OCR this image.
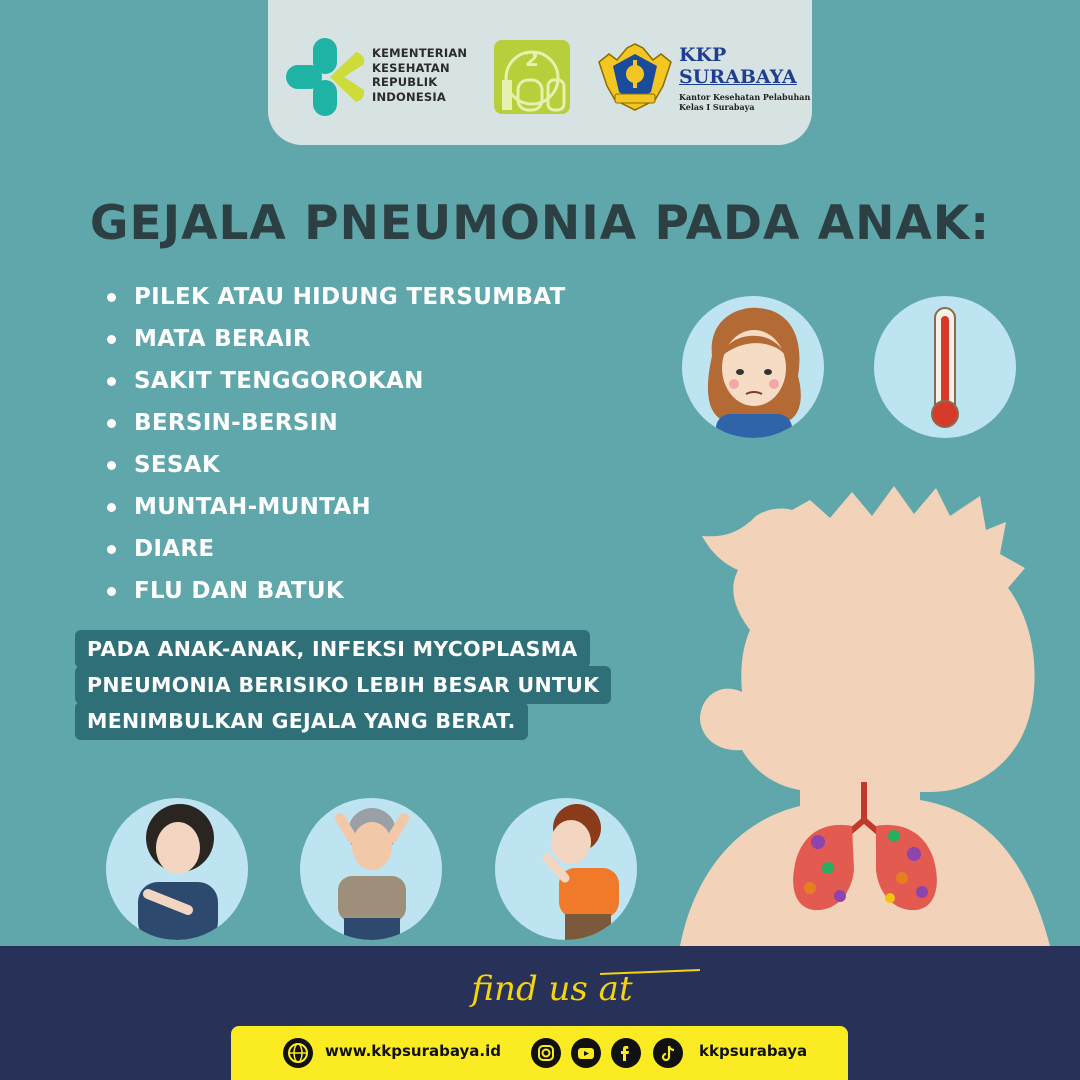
KEMENTERIAN
KESEHATAN
REPUBLIK
INDONESIA
2	KKP
SURABAYA
Kantor Kesehatan Pelabuhan
Kelas I Surabaya
GEJALA PNEUMONIA PADA ANAK:
PILEK ATAU HIDUNG TERSUMBAT
MATA BERAIR
SAKIT TENGGOROKAN
BERSIN-BERSIN
SESAK
MUNTAH-MUNTAH
DIARE
FLU DAN BATUK
PADA ANAK-ANAK, INFEKSI MYCOPLASMA
PNEUMONIA BERISIKO LEBIH BESAR UNTUK
MENIMBULKAN GEJALA YANG BERAT.
find us at
www.kkpsurabaya.id	kkpsurabaya
